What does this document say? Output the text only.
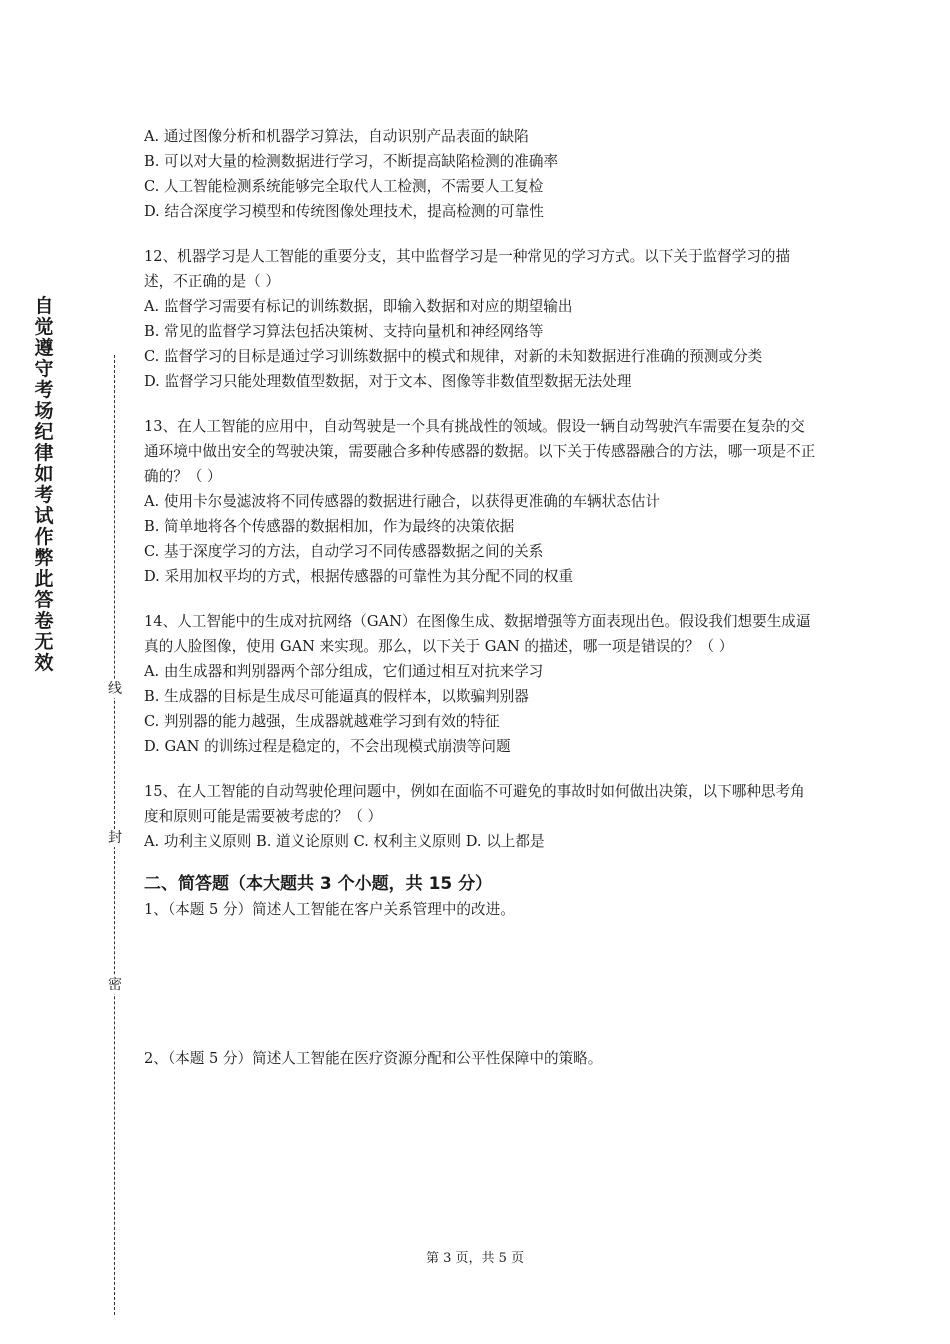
自觉遵守考场纪律如考试作弊此答卷无效
线
封
密

A. 通过图像分析和机器学习算法，自动识别产品表面的缺陷

B. 可以对大量的检测数据进行学习，不断提高缺陷检测的准确率

C. 人工智能检测系统能够完全取代人工检测，不需要人工复检

D. 结合深度学习模型和传统图像处理技术，提高检测的可靠性

12、机器学习是人工智能的重要分支，其中监督学习是一种常见的学习方式。以下关于监督学习的描述，不正确的是（ ）

A. 监督学习需要有标记的训练数据，即输入数据和对应的期望输出

B. 常见的监督学习算法包括决策树、支持向量机和神经网络等

C. 监督学习的目标是通过学习训练数据中的模式和规律，对新的未知数据进行准确的预测或分类

D. 监督学习只能处理数值型数据，对于文本、图像等非数值型数据无法处理

13、在人工智能的应用中，自动驾驶是一个具有挑战性的领域。假设一辆自动驾驶汽车需要在复杂的交通环境中做出安全的驾驶决策，需要融合多种传感器的数据。以下关于传感器融合的方法，哪一项是不正确的？（ ）

A. 使用卡尔曼滤波将不同传感器的数据进行融合，以获得更准确的车辆状态估计

B. 简单地将各个传感器的数据相加，作为最终的决策依据

C. 基于深度学习的方法，自动学习不同传感器数据之间的关系

D. 采用加权平均的方式，根据传感器的可靠性为其分配不同的权重

14、人工智能中的生成对抗网络（GAN）在图像生成、数据增强等方面表现出色。假设我们想要生成逼真的人脸图像，使用 GAN 来实现。那么，以下关于 GAN 的描述，哪一项是错误的？（ ）

A. 由生成器和判别器两个部分组成，它们通过相互对抗来学习

B. 生成器的目标是生成尽可能逼真的假样本，以欺骗判别器

C. 判别器的能力越强，生成器就越难学习到有效的特征

D. GAN 的训练过程是稳定的，不会出现模式崩溃等问题

15、在人工智能的自动驾驶伦理问题中，例如在面临不可避免的事故时如何做出决策，以下哪种思考角度和原则可能是需要被考虑的？（ ）

A. 功利主义原则 B. 道义论原则 C. 权利主义原则 D. 以上都是

二、简答题（本大题共 3 个小题，共 15 分）

1、（本题 5 分）简述人工智能在客户关系管理中的改进。

2、（本题 5 分）简述人工智能在医疗资源分配和公平性保障中的策略。

第 3 页，共 5 页
